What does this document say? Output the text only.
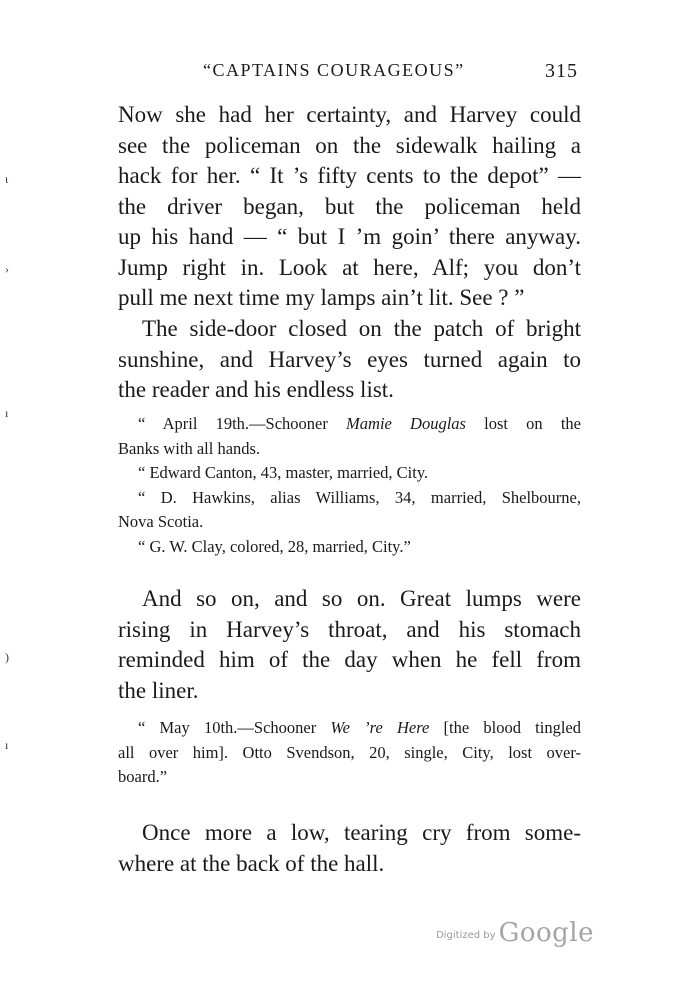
“CAPTAINS COURAGEOUS”	315
ɩ
›
ı
)
ı
Now she had her certainty, and Harvey could
see the policeman on the sidewalk hailing a
hack for her. “ It ’s fifty cents to the depot” —
the driver began, but the policeman held
up his hand — “ but I ’m goin’ there anyway.
Jump right in. Look at here, Alf; you don’t
pull me next time my lamps ain’t lit. See ? ”
The side-door closed on the patch of bright
sunshine, and Harvey’s eyes turned again to
the reader and his endless list.
“ April 19th.—Schooner Mamie Douglas lost on the
Banks with all hands.
“ Edward Canton, 43, master, married, City.
“ D. Hawkins, alias Williams, 34, married, Shelbourne,
Nova Scotia.
“ G. W. Clay, colored, 28, married, City.”
And so on, and so on. Great lumps were
rising in Harvey’s throat, and his stomach
reminded him of the day when he fell from
the liner.
“ May 10th.—Schooner We ’re Here [the blood tingled
all over him]. Otto Svendson, 20, single, City, lost over-
board.”
Once more a low, tearing cry from some-
where at the back of the hall.
Digitized by Google
